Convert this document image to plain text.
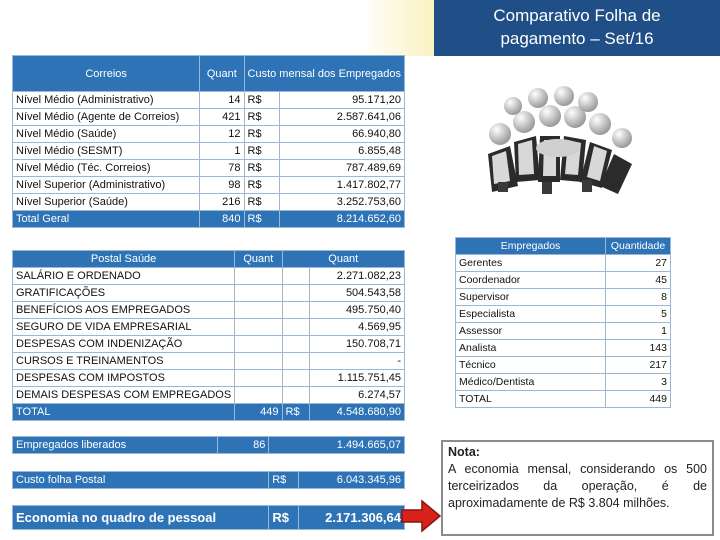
Comparativo Folha de
pagamento – Set/16
Correios	Quant	Custo mensal dos Empregados	
Nível Médio (Administrativo)	14	R$	95.171,20
Nível Médio (Agente de Correios)	421	R$	2.587.641,06
Nível Médio (Saúde)	12	R$	66.940,80
Nível Médio (SESMT)	1	R$	6.855,48
Nível Médio (Téc. Correios)	78	R$	787.489,69
Nível Superior (Administrativo)	98	R$	1.417.802,77
Nível Superior (Saúde)	216	R$	3.252.753,60
Total Geral	840	R$	8.214.652,60
Postal Saúde	Quant	Quant	
SALÁRIO E ORDENADO			2.271.082,23
GRATIFICAÇÕES			504.543,58
BENEFÍCIOS AOS EMPREGADOS			495.750,40
SEGURO DE VIDA EMPRESARIAL			4.569,95
DESPESAS COM INDENIZAÇÃO			150.708,71
CURSOS E TREINAMENTOS			-
DESPESAS COM IMPOSTOS			1.115.751,45
DEMAIS DESPESAS COM EMPREGADOS			6.274,57
TOTAL	449	R$	4.548.680,90
Empregados liberados	86	1.494.665,07
Custo folha Postal	R$	6.043.345,96
Economia no quadro de pessoal	R$	2.171.306,64
Empregados	Quantidade
Gerentes	27
Coordenador	45
Supervisor	8
Especialista	5
Assessor	1
Analista	143
Técnico	217
Médico/Dentista	3
TOTAL	449
Nota:
A economia mensal, considerando os 500 terceirizados da operação, é de aproximadamente de R$ 3.804 milhões.
